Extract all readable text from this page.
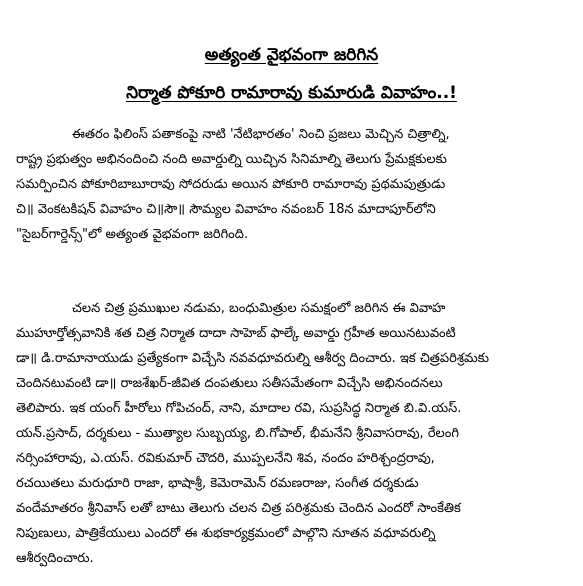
అత్యంత వైభవంగా జరిగిన
నిర్మాత పోకూరి రామారావు కుమారుడి వివాహం..!
ఈతరం ఫిలింస్ పతాకంపై నాటి 'నేటిభారతం' నించి ప్రజలు మెచ్చిన చిత్రాల్ని,
రాష్ట్ర ప్రభుత్వం అభినందించి నంది అవార్డుల్ని యిచ్చిన సినిమాల్ని తెలుగు ప్రేమక్షకులకు
సమర్పించిన పోకూరిబాబూరావు సోదరుడు అయిన పోకూరి రామారావు ప్రథమపుత్రుడు
చి॥ వెంకటకిషన్ వివాహం చి॥సౌ॥ సౌమ్యల వివాహం నవంబర్ 18న మాదాపూర్‌లోని
"సైబర్‌గార్డెన్స్"లో అత్యంత వైభవంగా జరిగింది.
చలన చిత్ర ప్రముఖుల నడుమ, బంధుమిత్రుల సమక్షంలో జరిగిన ఈ వివాహ
ముహూర్తోత్సవానికి శత చిత్ర నిర్మాత దాదా సాహెబ్ ఫాల్కే అవార్డు గ్రహీత అయినటువంటి
డా॥ డి.రామానాయుడు ప్రత్యేకంగా విచ్చేసి నవవధూవరుల్ని ఆశీర్వ దించారు. ఇక చిత్రపరిశ్రమకు
చెందినటువంటి డా॥ రాజశేఖర్-జీవిత దంపతులు సతీసమేతంగా విచ్చేసి అభినందనలు
తెలిపారు. ఇక యంగ్ హీరోలు గోపిచంద్, నాని, మాదాల రవి, సుప్రసిద్ధ నిర్మాత బి.వి.యస్.
యన్.ప్రసాద్, దర్శకులు - ముత్యాల సుబ్బయ్య, బి.గోపాల్, భీమనేని శ్రీనివాసరావు, రేలంగి
నర్సింహారావు, ఎ.యస్. రవికుమార్ చౌదరి, ముప్పలనేని శివ, నందం హరిశ్చంద్రరావు,
రచయితలు మరుధూరి రాజా, భాషాశ్రీ, కెమెరామెన్ రమణరాజు, సంగీత దర్శకుడు
వందేమాతరం శ్రీనివాస్ లతో బాటు తెలుగు చలన చిత్ర పరిశ్రమకు చెందిన ఎందరో సాంకేతిక
నిపుణులు, పాత్రికేయులు ఎందరో ఈ శుభకార్యక్రమంలో పాల్గొని నూతన వధూవరుల్ని
ఆశీర్వదించారు.
